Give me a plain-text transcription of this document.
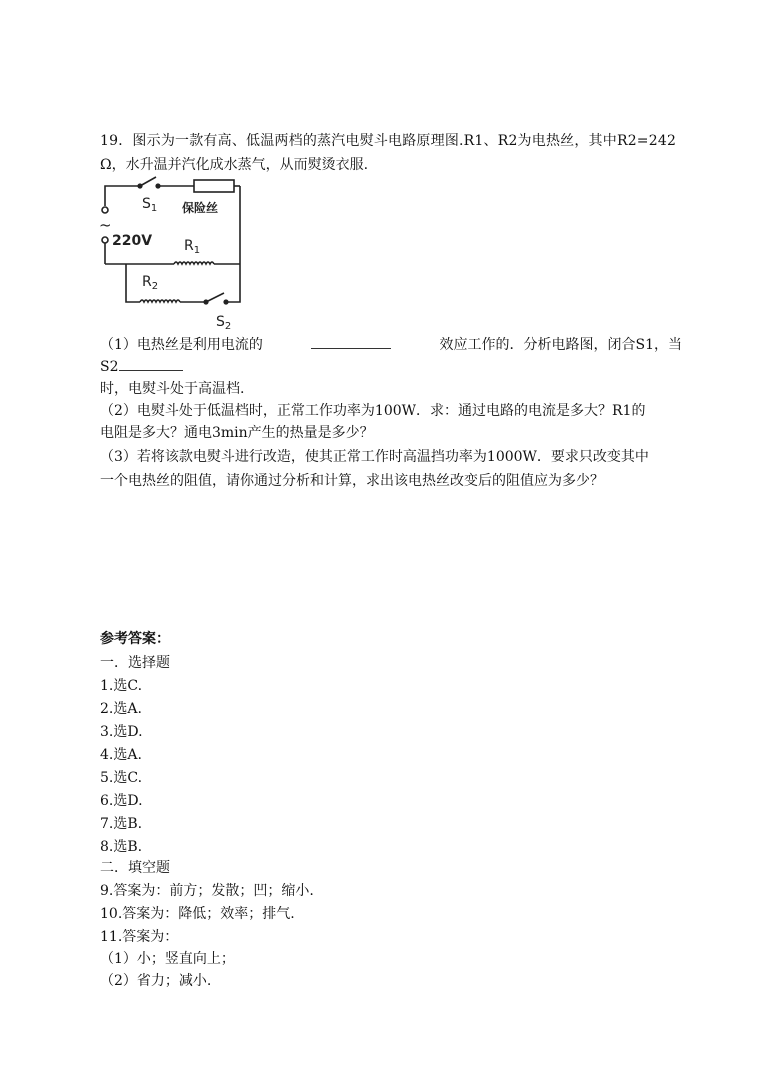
19．图示为一款有高、低温两档的蒸汽电熨斗电路原理图.R1、R2为电热丝，其中R2=242
Ω，水升温并汽化成水蒸气，从而熨烫衣服.
~
$S_1$ 保险丝
220V $R_1$
$R_2$
$S_2$
（1）电热丝是利用电流的	效应工作的．分析电路图，闭合S1，当
S2
时，电熨斗处于高温档.
（2）电熨斗处于低温档时，正常工作功率为100W．求：通过电路的电流是多大？R1的
电阻是多大？通电3min产生的热量是多少？
（3）若将该款电熨斗进行改造，使其正常工作时高温挡功率为1000W．要求只改变其中
一个电热丝的阻值，请你通过分析和计算，求出该电热丝改变后的阻值应为多少？
参考答案：
一．选择题
1.选C.
2.选A.
3.选D.
4.选A.
5.选C.
6.选D.
7.选B.
8.选B.
二．填空题
9.答案为：前方；发散；凹；缩小.
10.答案为：降低；效率；排气.
11.答案为：
（1）小；竖直向上；
（2）省力；减小.
